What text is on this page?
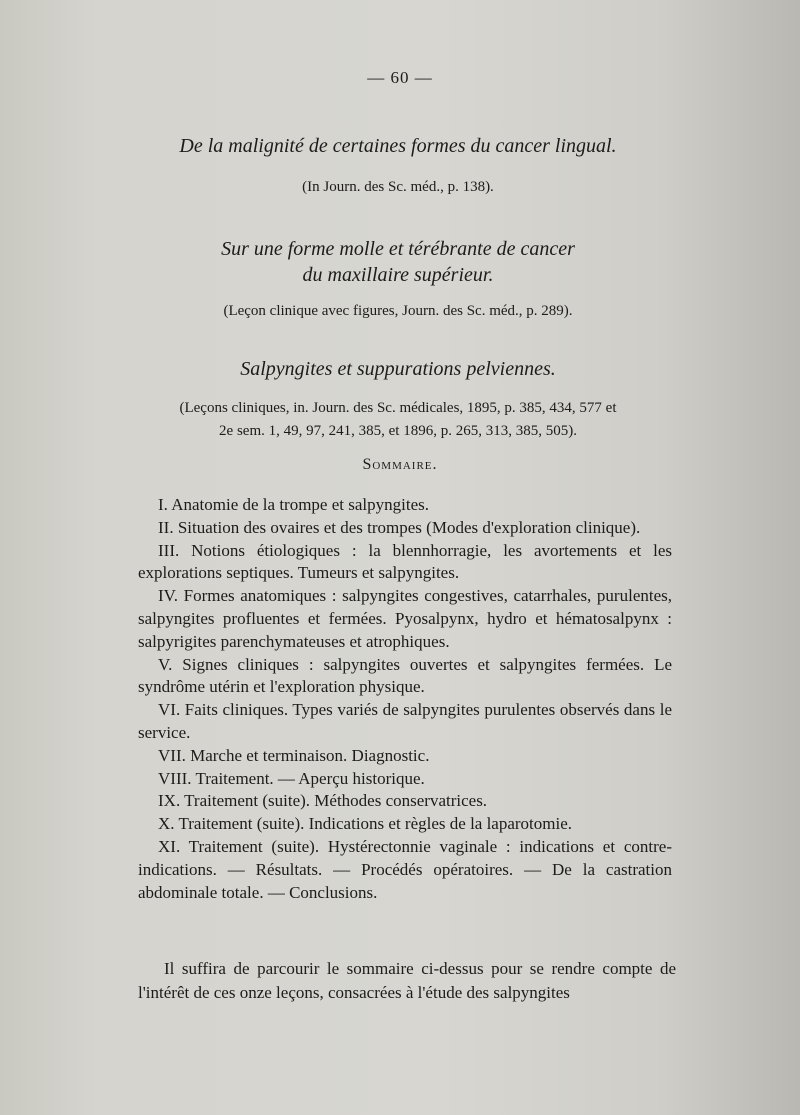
— 60 —
De la malignité de certaines formes du cancer lingual.
(In Journ. des Sc. méd., p. 138).
Sur une forme molle et térébrante de cancer
du maxillaire supérieur.
(Leçon clinique avec figures, Journ. des Sc. méd., p. 289).
Salpyngites et suppurations pelviennes.
(Leçons cliniques, in. Journ. des Sc. médicales, 1895, p. 385, 434, 577 et
2e sem. 1, 49, 97, 241, 385, et 1896, p. 265, 313, 385, 505).
Sommaire.
I. Anatomie de la trompe et salpyngites.
II. Situation des ovaires et des trompes (Modes d'exploration clinique).
III. Notions étiologiques : la blennhorragie, les avortements et les explorations septiques. Tumeurs et salpyngites.
IV. Formes anatomiques : salpyngites congestives, catarrhales, purulentes, salpyngites profluentes et fermées. Pyosalpynx, hydro et hématosalpynx : salpyrigites parenchymateuses et atrophiques.
V. Signes cliniques : salpyngites ouvertes et salpyngites fermées. Le syndrôme utérin et l'exploration physique.
VI. Faits cliniques. Types variés de salpyngites purulentes observés dans le service.
VII. Marche et terminaison. Diagnostic.
VIII. Traitement. — Aperçu historique.
IX. Traitement (suite). Méthodes conservatrices.
X. Traitement (suite). Indications et règles de la laparotomie.
XI. Traitement (suite). Hystérectonnie vaginale : indications et contre-indications. — Résultats. — Procédés opératoires. — De la castration abdominale totale. — Conclusions.

Il suffira de parcourir le sommaire ci-dessus pour se rendre compte de l'intérêt de ces onze leçons, consacrées à l'étude des salpyngites
